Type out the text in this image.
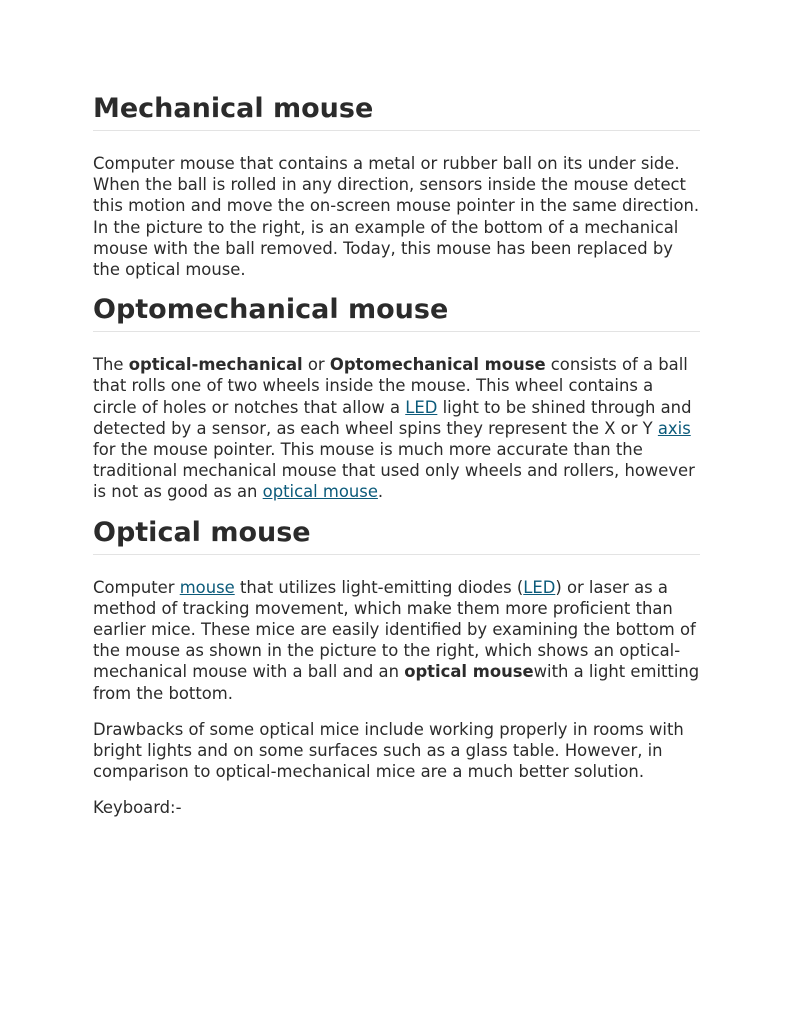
Mechanical mouse

Computer mouse that contains a metal or rubber ball on its under side. When the ball is rolled in any direction, sensors inside the mouse detect this motion and move the on-screen mouse pointer in the same direction. In the picture to the right, is an example of the bottom of a mechanical mouse with the ball removed. Today, this mouse has been replaced by the optical mouse.

Optomechanical mouse

The optical-mechanical or Optomechanical mouse consists of a ball that rolls one of two wheels inside the mouse. This wheel contains a circle of holes or notches that allow a LED light to be shined through and detected by a sensor, as each wheel spins they represent the X or Y axis for the mouse pointer. This mouse is much more accurate than the traditional mechanical mouse that used only wheels and rollers, however is not as good as an optical mouse.

Optical mouse

Computer mouse that utilizes light-emitting diodes (LED) or laser as a method of tracking movement, which make them more proficient than earlier mice. These mice are easily identified by examining the bottom of the mouse as shown in the picture to the right, which shows an optical-mechanical mouse with a ball and an optical mousewith a light emitting from the bottom.

Drawbacks of some optical mice include working properly in rooms with bright lights and on some surfaces such as a glass table. However, in comparison to optical-mechanical mice are a much better solution.

Keyboard:-
